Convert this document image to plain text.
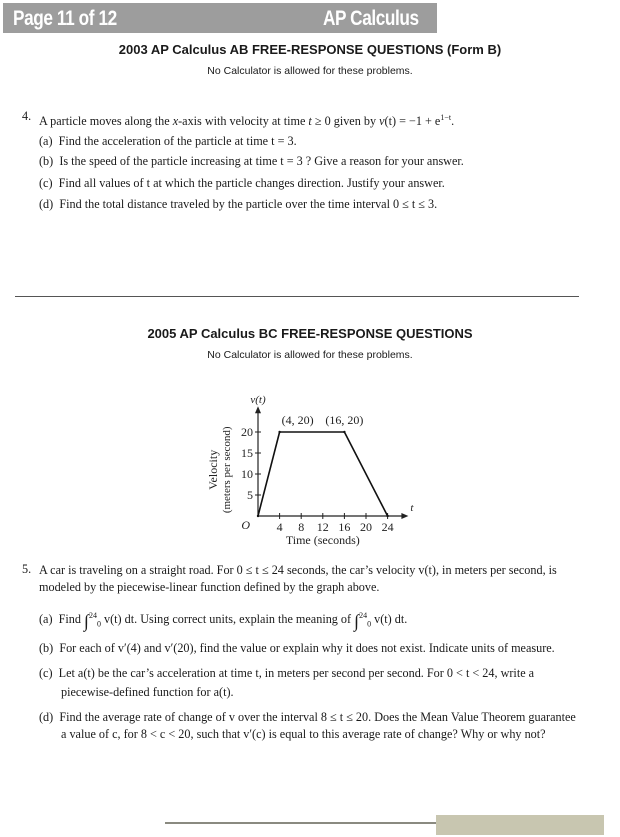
Page 11 of 12	AP Calculus
2003 AP Calculus AB FREE-RESPONSE QUESTIONS (Form B)
No Calculator is allowed for these problems.
4. A particle moves along the x-axis with velocity at time t ≥ 0 given by $v(t) = -1 + e^{1-t}$.
(a) Find the acceleration of the particle at time t = 3.
(b) Is the speed of the particle increasing at time t = 3 ? Give a reason for your answer.
(c) Find all values of t at which the particle changes direction. Justify your answer.
(d) Find the total distance traveled by the particle over the time interval 0 ≤ t ≤ 3.
2005 AP Calculus BC FREE-RESPONSE QUESTIONS
No Calculator is allowed for these problems.
4 8 12 16 20 24
5
10
15
20
O
t
v(t)
Time (seconds)
Velocity (meters per second)
(4, 20) (16, 20)
5. A car is traveling on a straight road. For 0 ≤ t ≤ 24 seconds, the car’s velocity v(t), in meters per second, is
modeled by the piecewise-linear function defined by the graph above.
(a) Find ∫$^{24}_0$ v(t) dt. Using correct units, explain the meaning of ∫$^{24}_0$ v(t) dt.
(b) For each of v′(4) and v′(20), find the value or explain why it does not exist. Indicate units of measure.
(c) Let a(t) be the car’s acceleration at time t, in meters per second per second. For 0 < t < 24, write a
piecewise-defined function for a(t).
(d) Find the average rate of change of v over the interval 8 ≤ t ≤ 20. Does the Mean Value Theorem guarantee
a value of c, for 8 < c < 20, such that v′(c) is equal to this average rate of change? Why or why not?
